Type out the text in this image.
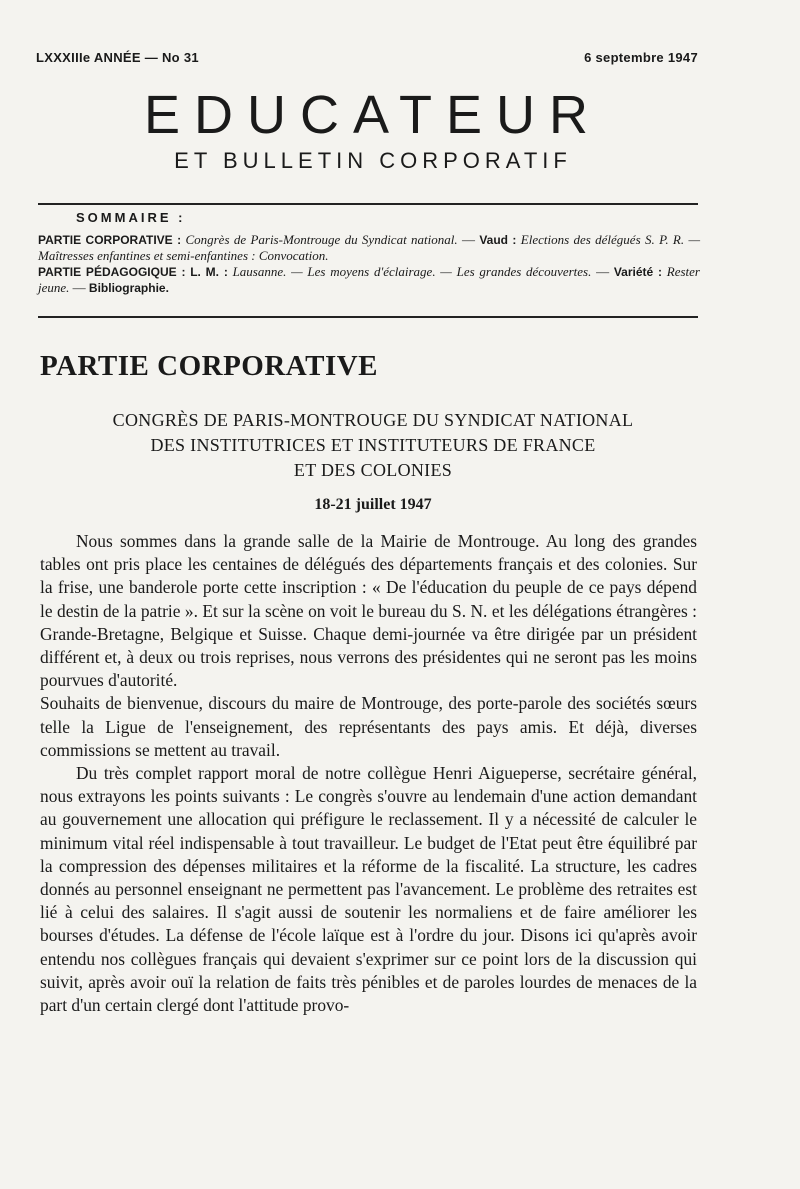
LXXXIIIe ANNÉE — No 31	6 septembre 1947
EDUCATEUR
ET BULLETIN CORPORATIF
SOMMAIRE :
PARTIE CORPORATIVE : Congrès de Paris-Montrouge du Syndicat national. — Vaud : Elections des délégués S. P. R. — Maîtresses enfantines et semi-enfantines : Convocation.
PARTIE PÉDAGOGIQUE : L. M. : Lausanne. — Les moyens d'éclairage. — Les grandes découvertes. — Variété : Rester jeune. — Bibliographie.
PARTIE CORPORATIVE
CONGRÈS DE PARIS-MONTROUGE DU SYNDICAT NATIONAL
DES INSTITUTRICES ET INSTITUTEURS DE FRANCE
ET DES COLONIES
18-21 juillet 1947

Nous sommes dans la grande salle de la Mairie de Montrouge. Au long des grandes tables ont pris place les centaines de délégués des départements français et des colonies. Sur la frise, une banderole porte cette inscription : « De l'éducation du peuple de ce pays dépend le destin de la patrie ». Et sur la scène on voit le bureau du S. N. et les délégations étrangères : Grande-Bretagne, Belgique et Suisse. Chaque demi-journée va être dirigée par un président différent et, à deux ou trois reprises, nous verrons des présidentes qui ne seront pas les moins pourvues d'autorité.

Souhaits de bienvenue, discours du maire de Montrouge, des porte-parole des sociétés sœurs telle la Ligue de l'enseignement, des représentants des pays amis. Et déjà, diverses commissions se mettent au travail.

Du très complet rapport moral de notre collègue Henri Aigueperse, secrétaire général, nous extrayons les points suivants : Le congrès s'ouvre au lendemain d'une action demandant au gouvernement une allocation qui préfigure le reclassement. Il y a nécessité de calculer le minimum vital réel indispensable à tout travailleur. Le budget de l'Etat peut être équilibré par la compression des dépenses militaires et la réforme de la fiscalité. La structure, les cadres donnés au personnel enseignant ne permettent pas l'avancement. Le problème des retraites est lié à celui des salaires. Il s'agit aussi de soutenir les normaliens et de faire améliorer les bourses d'études. La défense de l'école laïque est à l'ordre du jour. Disons ici qu'après avoir entendu nos collègues français qui devaient s'exprimer sur ce point lors de la discussion qui suivit, après avoir ouï la relation de faits très pénibles et de paroles lourdes de menaces de la part d'un certain clergé dont l'attitude provo-
